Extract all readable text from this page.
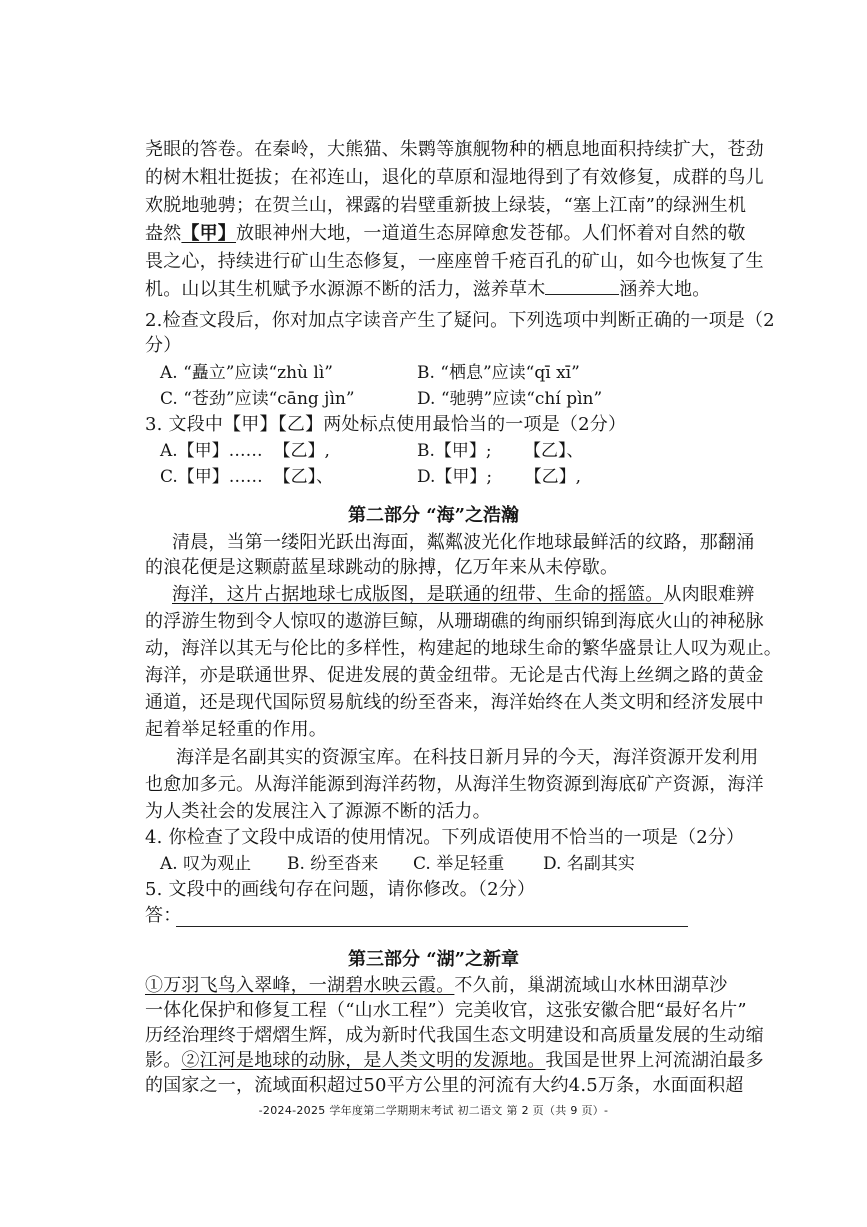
尧眼的答卷。在秦岭，大熊猫、朱鹮等旗舰物种的栖息地面积持续扩大，苍劲
的树木粗壮挺拔；在祁连山，退化的草原和湿地得到了有效修复，成群的鸟儿
欢脱地驰骋；在贺兰山，裸露的岩壁重新披上绿装，“塞上江南”的绿洲生机
盎然【甲】放眼神州大地，一道道生态屏障愈发苍郁。人们怀着对自然的敬
畏之心，持续进行矿山生态修复，一座座曾千疮百孔的矿山，如今也恢复了生
机。山以其生机赋予水源源不断的活力，滋养草木	涵养大地。
2.检查文段后，你对加点字读音产生了疑问。下列选项中判断正确的一项是（2
分）
A. “矗立”应读“zhù lì”	B. “栖息”应读“qī xī”
C. “苍劲”应读“cāng jìn”	D. “驰骋”应读“chí pìn”
3. 文段中【甲】【乙】两处标点使用最恰当的一项是（2分）
A.【甲】……  【乙】,	B.【甲】;      【乙】、
C.【甲】……  【乙】、	D.【甲】;      【乙】,
第二部分 “海”之浩瀚
清晨，当第一缕阳光跃出海面，粼粼波光化作地球最鲜活的纹路，那翻涌
的浪花便是这颗蔚蓝星球跳动的脉搏，亿万年来从未停歇。
海洋，这片占据地球七成版图，是联通的纽带、生命的摇篮。从肉眼难辨
的浮游生物到令人惊叹的遨游巨鲸，从珊瑚礁的绚丽织锦到海底火山的神秘脉
动，海洋以其无与伦比的多样性，构建起的地球生命的繁华盛景让人叹为观止。
海洋，亦是联通世界、促进发展的黄金纽带。无论是古代海上丝绸之路的黄金
通道，还是现代国际贸易航线的纷至沓来，海洋始终在人类文明和经济发展中
起着举足轻重的作用。
海洋是名副其实的资源宝库。在科技日新月异的今天，海洋资源开发利用
也愈加多元。从海洋能源到海洋药物，从海洋生物资源到海底矿产资源，海洋
为人类社会的发展注入了源源不断的活力。
4. 你检查了文段中成语的使用情况。下列成语使用不恰当的一项是（2分）
A. 叹为观止 B. 纷至沓来 C. 举足轻重 D. 名副其实
5. 文段中的画线句存在问题，请你修改。（2分）
答：
第三部分 “湖”之新章
①万羽飞鸟入翠峰，一湖碧水映云霞。不久前，巢湖流域山水林田湖草沙
一体化保护和修复工程（“山水工程”）完美收官，这张安徽合肥“最好名片”
历经治理终于熠熠生辉，成为新时代我国生态文明建设和高质量发展的生动缩
影。②江河是地球的动脉，是人类文明的发源地。我国是世界上河流湖泊最多
的国家之一，流域面积超过50平方公里的河流有大约4.5万条，水面面积超
-2024-2025 学年度第二学期期末考试 初二语文 第 2 页（共 9 页）-
